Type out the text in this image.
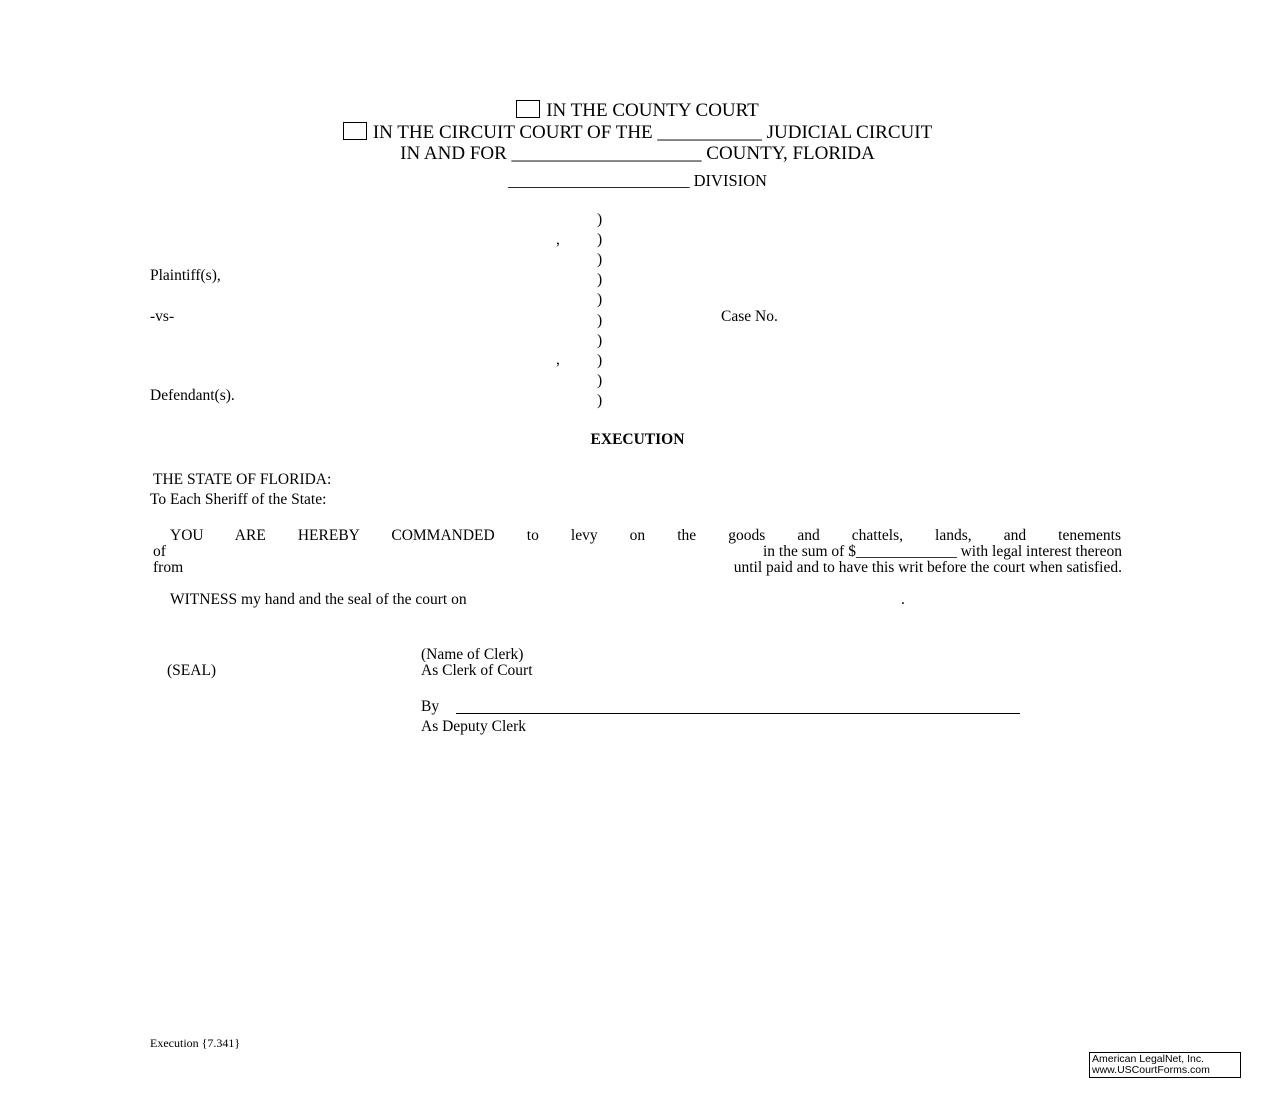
IN THE COUNTY COURT
IN THE CIRCUIT COURT OF THE ___________ JUDICIAL CIRCUIT
IN AND FOR ____________________ COUNTY, FLORIDA
______________________ DIVISION
)
)
)
)
)
)
)
)
)
)
,
,
Plaintiff(s),
-vs-
Defendant(s).
Case No.
EXECUTION
THE STATE OF FLORIDA:
To Each Sheriff of the State:
YOU ARE HEREBY COMMANDED to levy on the goods and chattels, lands, and tenements
of	in the sum of $_____________ with legal interest thereon
from	until paid and to have this writ before the court when satisfied.
WITNESS my hand and the seal of the court on	.
(Name of Clerk)
(SEAL)	As Clerk of Court
By
As Deputy Clerk
Execution {7.341}
American LegalNet, Inc.
www.USCourtForms.com
